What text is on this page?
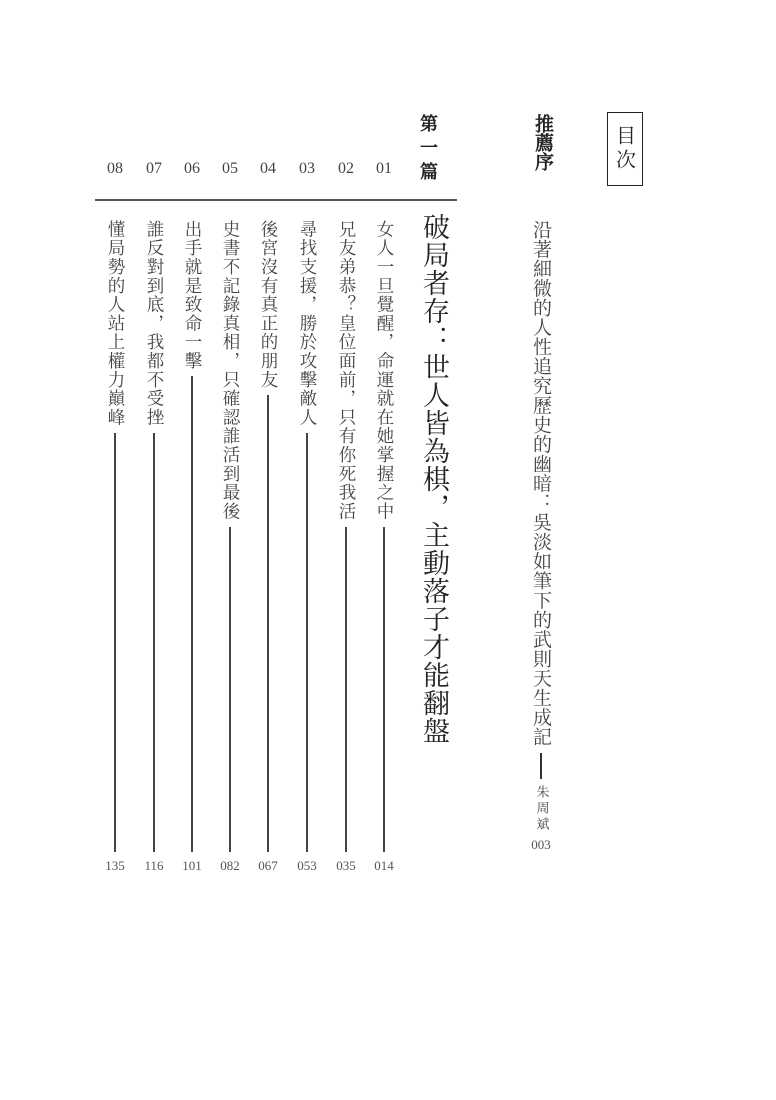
目次
推薦序
沿著細微的人性追究歷史的幽暗：吳淡如筆下的武則天生成記
朱周斌
003
第一篇
破局者存：世人皆為棋，主動落子才能翻盤
01
女人一旦覺醒，命運就在她掌握之中
014
02
兄友弟恭？皇位面前，只有你死我活
035
03
尋找支援，勝於攻擊敵人
053
04
後宮沒有真正的朋友
067
05
史書不記錄真相，只確認誰活到最後
082
06
出手就是致命一擊
101
07
誰反對到底，我都不受挫
116
08
懂局勢的人站上權力巔峰
135
